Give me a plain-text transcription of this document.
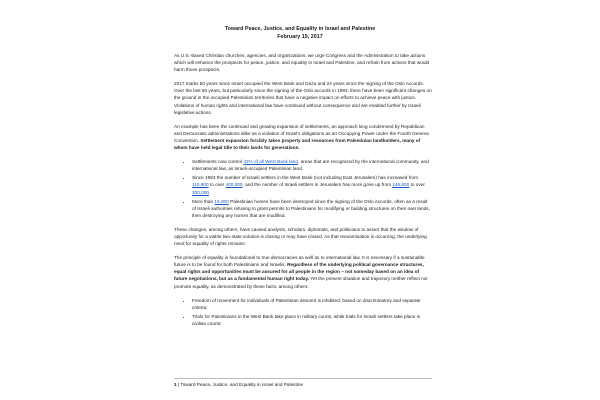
Toward Peace, Justice, and Equality in Israel and Palestine
February 15, 2017

As U.S.-based Christian churches, agencies, and organizations, we urge Congress and the Administration to take actions which will enhance the prospects for peace, justice, and equality in Israel and Palestine, and refrain from actions that would harm those prospects.

2017 marks 50 years since Israel occupied the West Bank and Gaza and 24 years since the signing of the Oslo Accords. Over the last 50 years, but particularly since the signing of the Oslo accords in 1993, there have been significant changes on the ground in the occupied Palestinian territories that have a negative impact on efforts to achieve peace with justice. Violations of human rights and international law have continued without consequence and are enabled further by Israeli legislative actions.

An example has been the continued and growing expansion of settlements, an approach long condemned by Republican and Democratic administrations alike as a violation of Israel's obligations as an Occupying Power under the Fourth Geneva Convention. Settlement expansion forcibly takes property and resources from Palestinian landholders, many of whom have held legal title to their lands for generations.

• Settlements now control 42% of all West Bank land, areas that are recognized by the international community, and international law, as Israeli-occupied Palestinian land.
• Since 1993 the number of Israeli settlers in the West Bank (not including East Jerusalem) has increased from 110,900 to over 400,000, and the number of Israeli settlers in Jerusalem has more gone up from 146,800 to over 300,000.
• More than 15,000 Palestinian homes have been destroyed since the signing of the Oslo Accords, often as a result of Israeli authorities refusing to grant permits to Palestinians for modifying or building structures on their own lands, then destroying any homes that are modified.

These changes, among others, have caused analysts, scholars, diplomats, and politicians to assert that the window of opportunity for a viable two-state solution is closing or may have closed. As that reexamination is occurring, the underlying need for equality of rights remains.

The principle of equality is foundational to true democracies as well as to international law. It is necessary if a sustainable future is to be found for both Palestinians and Israelis. Regardless of the underlying political governance structures, equal rights and opportunities must be assured for all people in the region – not someday based on an idea of future negotiations, but as a fundamental human right today. Yet the present situation and trajectory neither reflect nor promote equality, as demonstrated by these facts, among others:

• Freedom of movement for individuals of Palestinian descent is inhibited, based on discriminatory and separate criteria;
• Trials for Palestinians in the West Bank take place in military courts, while trials for Israeli settlers take place in civilian courts;
1 | Toward Peace, Justice, and Equality in Israel and Palestine
